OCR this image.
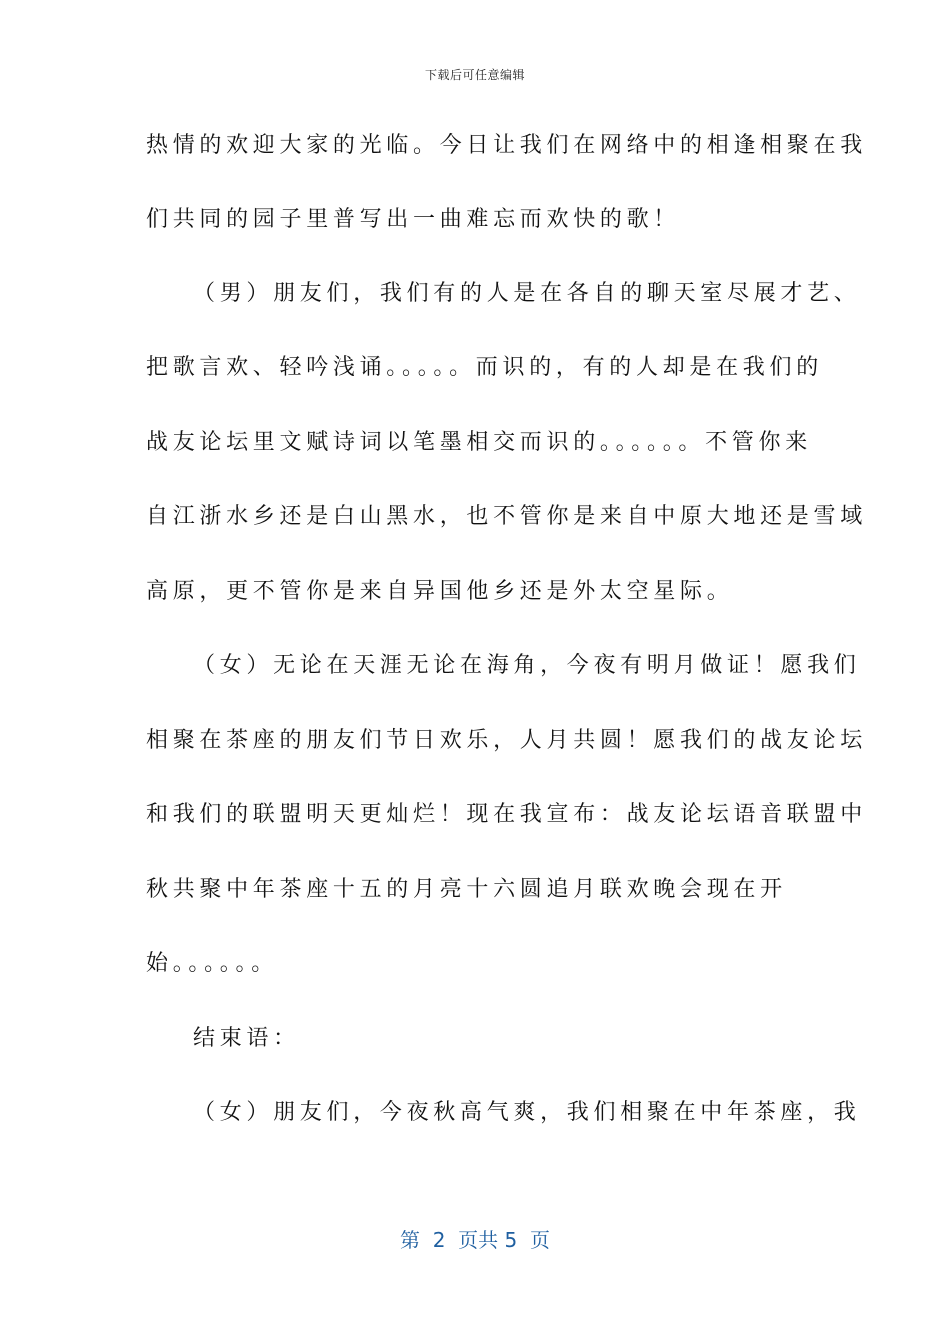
下载后可任意编辑
热情的欢迎大家的光临。今日让我们在网络中的相逢相聚在我
们共同的园子里普写出一曲难忘而欢快的歌！
（男）朋友们，我们有的人是在各自的聊天室尽展才艺、
把歌言欢、轻吟浅诵。。。。。而识的，有的人却是在我们的
战友论坛里文赋诗词以笔墨相交而识的。。。。。。不管你来
自江浙水乡还是白山黑水，也不管你是来自中原大地还是雪域
高原，更不管你是来自异国他乡还是外太空星际。
（女）无论在天涯无论在海角，今夜有明月做证！愿我们
相聚在茶座的朋友们节日欢乐，人月共圆！愿我们的战友论坛
和我们的联盟明天更灿烂！现在我宣布：战友论坛语音联盟中
秋共聚中年茶座十五的月亮十六圆追月联欢晚会现在开
始。。。。。。
结束语：
（女）朋友们，今夜秋高气爽，我们相聚在中年茶座，我
第  2  页共 5  页
